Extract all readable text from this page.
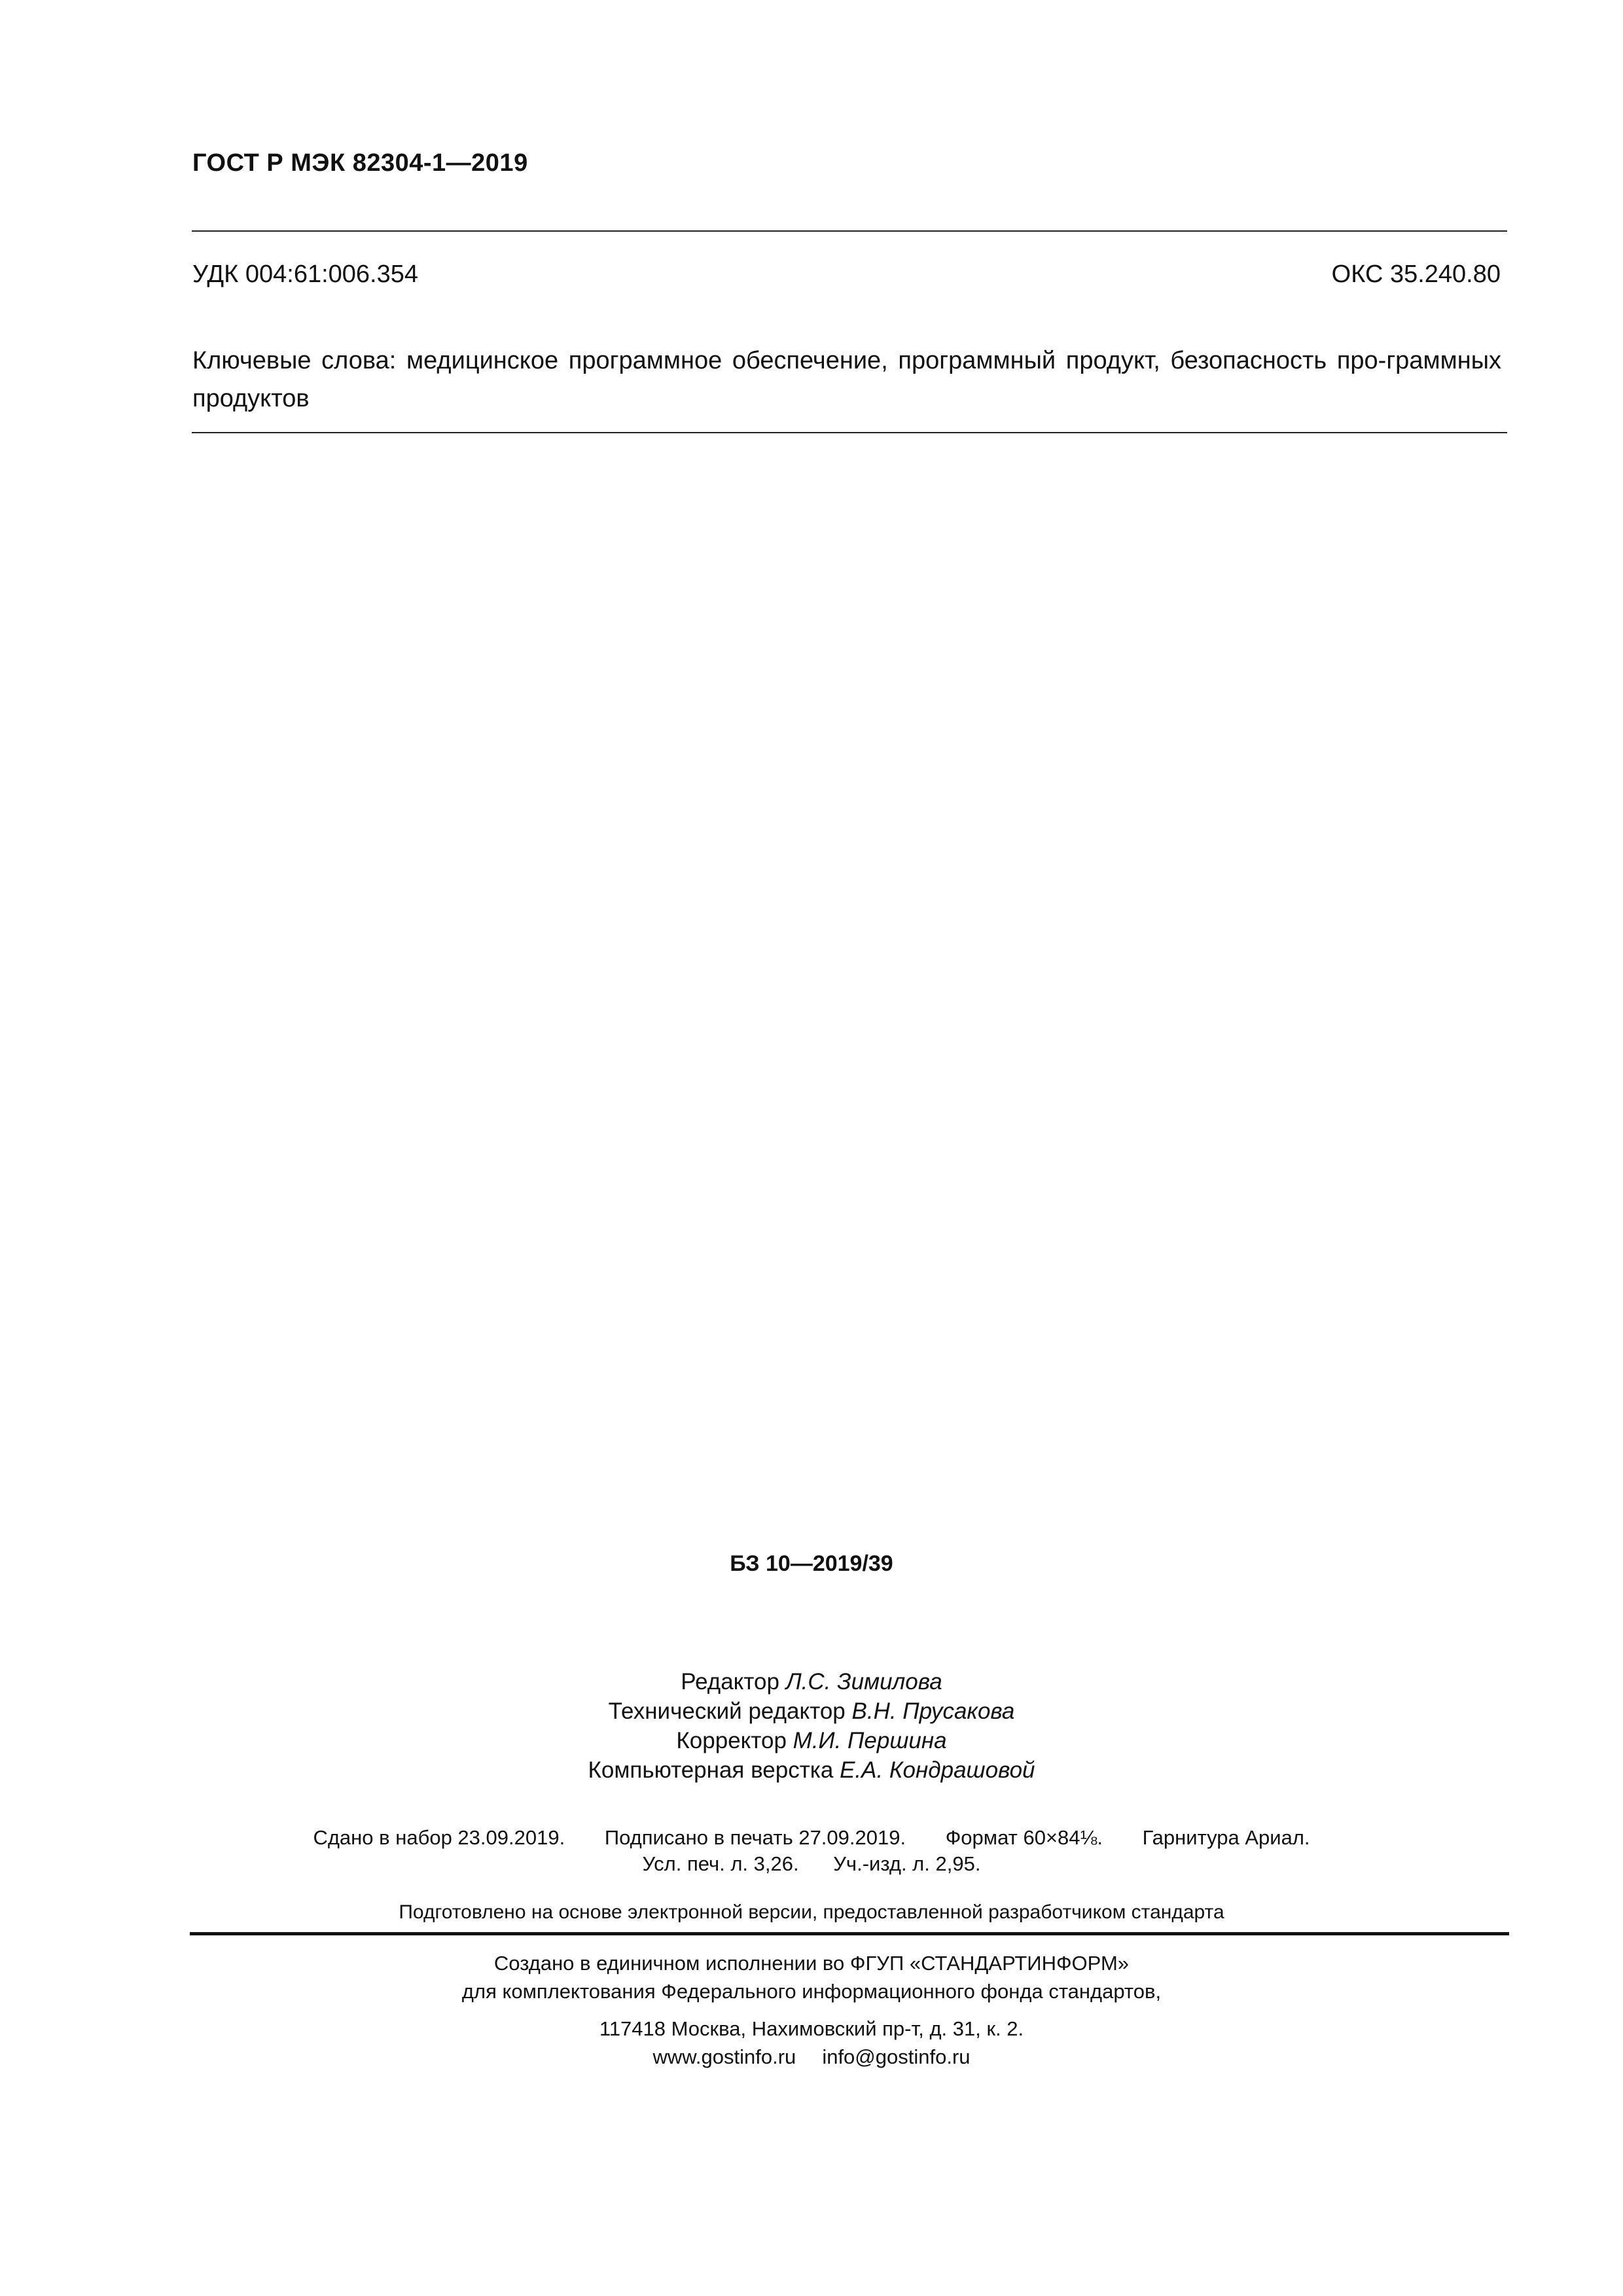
ГОСТ Р МЭК 82304-1—2019
УДК 004:61:006.354	ОКС 35.240.80
Ключевые слова: медицинское программное обеспечение, программный продукт, безопасность про-граммных продуктов
БЗ 10—2019/39
Редактор Л.С. Зимилова
Технический редактор В.Н. Прусакова
Корректор М.И. Першина
Компьютерная верстка Е.А. Кондрашовой
Сдано в набор 23.09.2019. Подписано в печать 27.09.2019. Формат 60×84⅛. Гарнитура Ариал.
Усл. печ. л. 3,26. Уч.-изд. л. 2,95.
Подготовлено на основе электронной версии, предоставленной разработчиком стандарта
Создано в единичном исполнении во ФГУП «СТАНДАРТИНФОРМ»
для комплектования Федерального информационного фонда стандартов,
117418 Москва, Нахимовский пр-т, д. 31, к. 2.
www.gostinfo.ru info@gostinfo.ru
